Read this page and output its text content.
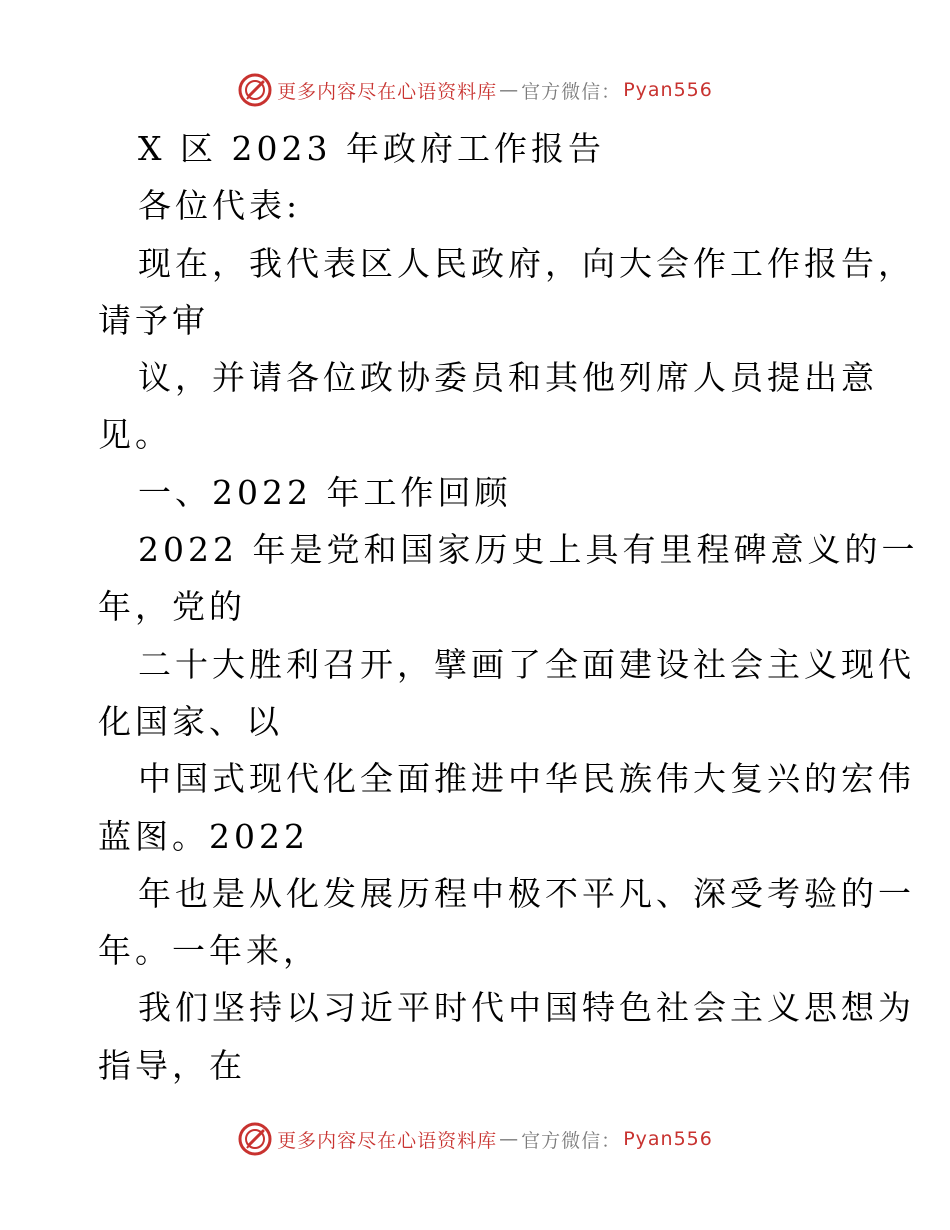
更多内容尽在心语资料库 — 官方微信： Pyan556
X 区 2023 年政府工作报告
各位代表:
现在，我代表区人民政府，向大会作工作报告，
请予审
议，并请各位政协委员和其他列席人员提出意
见。
一、2022 年工作回顾
2022 年是党和国家历史上具有里程碑意义的一
年，党的
二十大胜利召开，擘画了全面建设社会主义现代
化国家、以
中国式现代化全面推进中华民族伟大复兴的宏伟
蓝图。2022
年也是从化发展历程中极不平凡、深受考验的一
年。一年来，
我们坚持以习近平时代中国特色社会主义思想为
指导，在
更多内容尽在心语资料库 — 官方微信： Pyan556
